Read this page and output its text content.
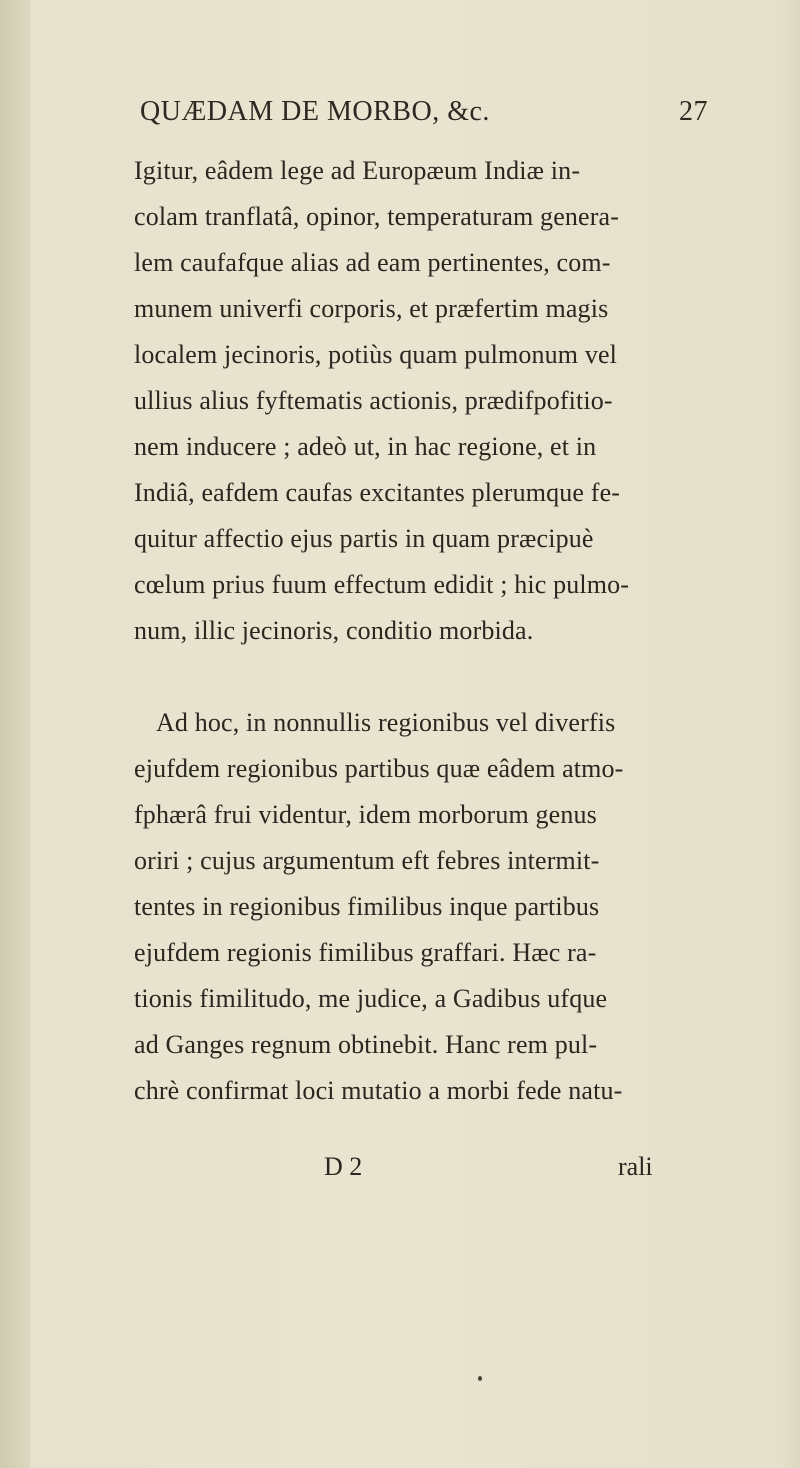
QUÆDAM DE MORBO, &c.	27
Igitur, eâdem lege ad Europæum Indiæ in-
colam tranflatâ, opinor, temperaturam genera-
lem caufafque alias ad eam pertinentes, com-
munem univerfi corporis, et præfertim magis
localem jecinoris, potiùs quam pulmonum vel
ullius alius fyftematis actionis, prædifpofitio-
nem inducere ; adeò ut, in hac regione, et in
Indiâ, eafdem caufas excitantes plerumque fe-
quitur affectio ejus partis in quam præcipuè
cœlum prius fuum effectum edidit ; hic pulmo-
num, illic jecinoris, conditio morbida.
Ad hoc, in nonnullis regionibus vel diverfis
ejufdem regionibus partibus quæ eâdem atmo-
fphærâ frui videntur, idem morborum genus
oriri ; cujus argumentum eft febres intermit-
tentes in regionibus fimilibus inque partibus
ejufdem regionis fimilibus graffari. Hæc ra-
tionis fimilitudo, me judice, a Gadibus ufque
ad Ganges regnum obtinebit. Hanc rem pul-
chrè confirmat loci mutatio a morbi fede natu-
D 2	rali
